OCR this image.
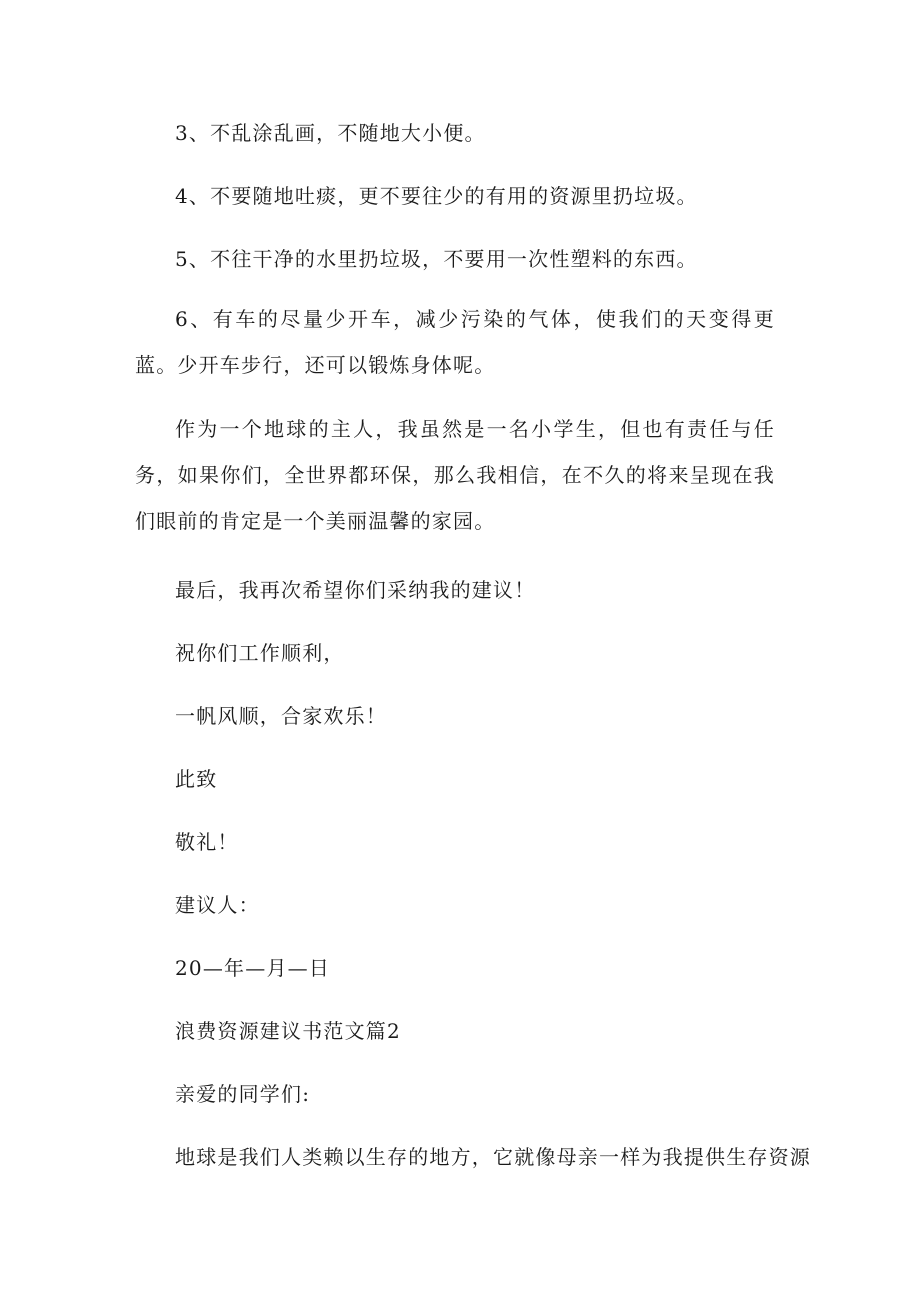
3、不乱涂乱画，不随地大小便。
4、不要随地吐痰，更不要往少的有用的资源里扔垃圾。
5、不往干净的水里扔垃圾，不要用一次性塑料的东西。
6、有车的尽量少开车，减少污染的气体，使我们的天变得更蓝。少开车步行，还可以锻炼身体呢。
作为一个地球的主人，我虽然是一名小学生，但也有责任与任务，如果你们，全世界都环保，那么我相信，在不久的将来呈现在我们眼前的肯定是一个美丽温馨的家园。
最后，我再次希望你们采纳我的建议！
祝你们工作顺利，
一帆风顺，合家欢乐！
此致
敬礼！
建议人：
20—年—月—日
浪费资源建议书范文篇2
亲爱的同学们:
地球是我们人类赖以生存的地方，它就像母亲一样为我提供生存资源
